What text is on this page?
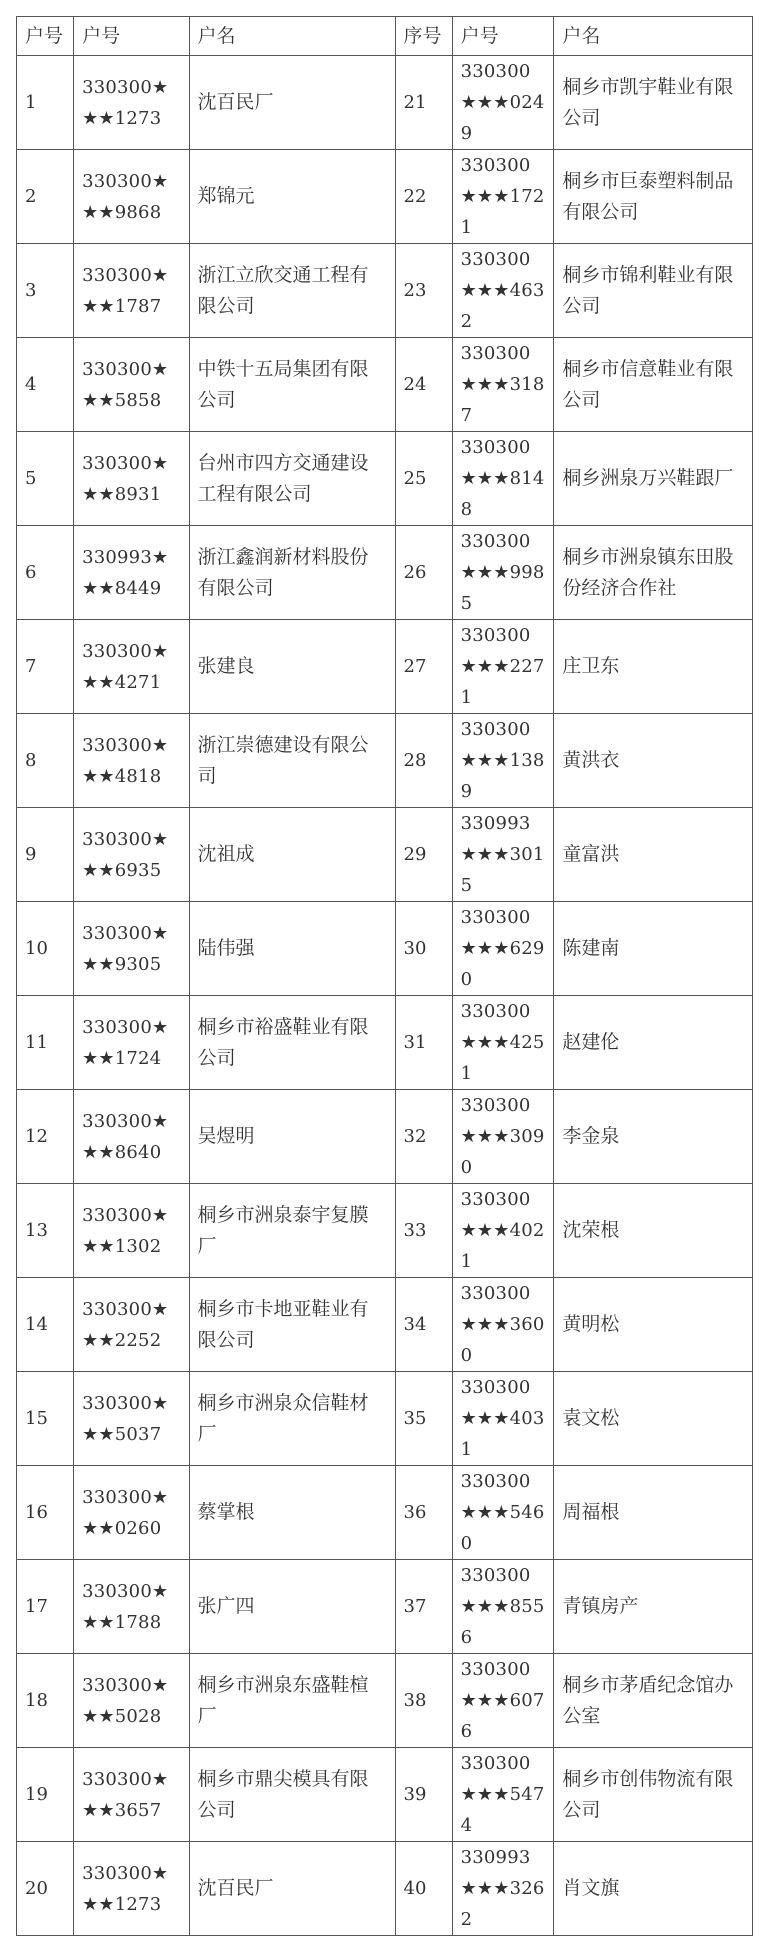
户号	户号	户名	序号	户号	户名
1	330300★★★1273	沈百民厂	21	330300★★★0249	桐乡市凯宇鞋业有限公司
2	330300★★★9868	郑锦元	22	330300★★★1721	桐乡市巨泰塑料制品有限公司
3	330300★★★1787	浙江立欣交通工程有限公司	23	330300★★★4632	桐乡市锦利鞋业有限公司
4	330300★★★5858	中铁十五局集团有限公司	24	330300★★★3187	桐乡市信意鞋业有限公司
5	330300★★★8931	台州市四方交通建设工程有限公司	25	330300★★★8148	桐乡洲泉万兴鞋跟厂
6	330993★★★8449	浙江鑫润新材料股份有限公司	26	330300★★★9985	桐乡市洲泉镇东田股份经济合作社
7	330300★★★4271	张建良	27	330300★★★2271	庄卫东
8	330300★★★4818	浙江崇德建设有限公司	28	330300★★★1389	黄洪衣
9	330300★★★6935	沈祖成	29	330993★★★3015	童富洪
10	330300★★★9305	陆伟强	30	330300★★★6290	陈建南
11	330300★★★1724	桐乡市裕盛鞋业有限公司	31	330300★★★4251	赵建伦
12	330300★★★8640	吴煜明	32	330300★★★3090	李金泉
13	330300★★★1302	桐乡市洲泉泰宇复膜厂	33	330300★★★4021	沈荣根
14	330300★★★2252	桐乡市卡地亚鞋业有限公司	34	330300★★★3600	黄明松
15	330300★★★5037	桐乡市洲泉众信鞋材厂	35	330300★★★4031	袁文松
16	330300★★★0260	蔡掌根	36	330300★★★5460	周福根
17	330300★★★1788	张广四	37	330300★★★8556	青镇房产
18	330300★★★5028	桐乡市洲泉东盛鞋楦厂	38	330300★★★6076	桐乡市茅盾纪念馆办公室
19	330300★★★3657	桐乡市鼎尖模具有限公司	39	330300★★★5474	桐乡市创伟物流有限公司
20	330300★★★1273	沈百民厂	40	330993★★★3262	肖文旗
